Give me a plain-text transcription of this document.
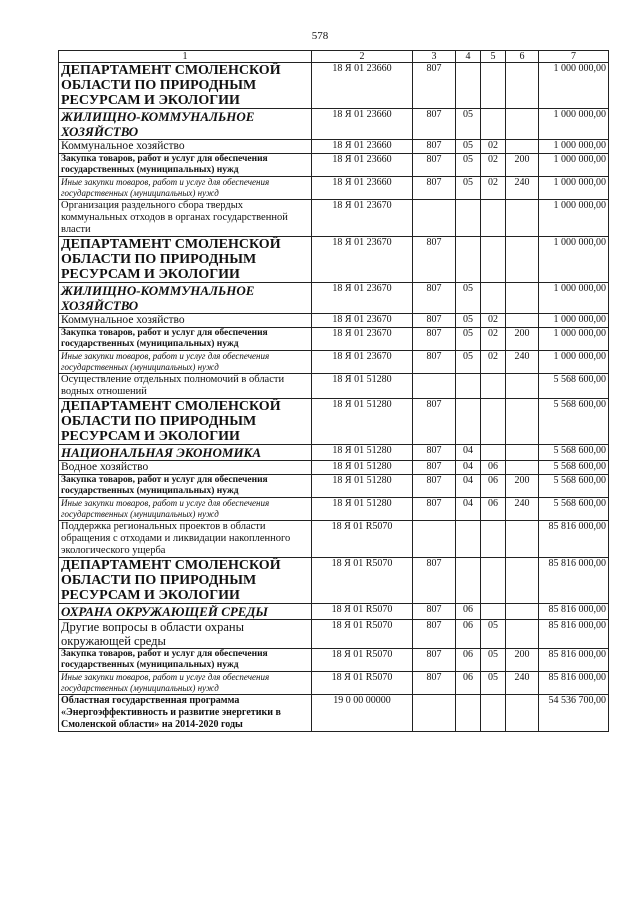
578
1	2	3	4	5	6	7
ДЕПАРТАМЕНТ СМОЛЕНСКОЙ ОБЛАСТИ ПО ПРИРОДНЫМ РЕСУРСАМ И ЭКОЛОГИИ	18 Я 01 23660	807				1 000 000,00
ЖИЛИЩНО-КОММУНАЛЬНОЕ ХОЗЯЙСТВО	18 Я 01 23660	807	05			1 000 000,00
Коммунальное хозяйство	18 Я 01 23660	807	05	02		1 000 000,00
Закупка товаров, работ и услуг для обеспечения государственных (муниципальных) нужд	18 Я 01 23660	807	05	02	200	1 000 000,00
Иные закупки товаров, работ и услуг для обеспечения государственных (муниципальных) нужд	18 Я 01 23660	807	05	02	240	1 000 000,00
Организация раздельного сбора твердых коммунальных отходов в органах государственной власти	18 Я 01 23670					1 000 000,00
ДЕПАРТАМЕНТ СМОЛЕНСКОЙ ОБЛАСТИ ПО ПРИРОДНЫМ РЕСУРСАМ И ЭКОЛОГИИ	18 Я 01 23670	807				1 000 000,00
ЖИЛИЩНО-КОММУНАЛЬНОЕ ХОЗЯЙСТВО	18 Я 01 23670	807	05			1 000 000,00
Коммунальное хозяйство	18 Я 01 23670	807	05	02		1 000 000,00
Закупка товаров, работ и услуг для обеспечения государственных (муниципальных) нужд	18 Я 01 23670	807	05	02	200	1 000 000,00
Иные закупки товаров, работ и услуг для обеспечения государственных (муниципальных) нужд	18 Я 01 23670	807	05	02	240	1 000 000,00
Осуществление отдельных полномочий в области водных отношений	18 Я 01 51280					5 568 600,00
ДЕПАРТАМЕНТ СМОЛЕНСКОЙ ОБЛАСТИ ПО ПРИРОДНЫМ РЕСУРСАМ И ЭКОЛОГИИ	18 Я 01 51280	807				5 568 600,00
НАЦИОНАЛЬНАЯ ЭКОНОМИКА	18 Я 01 51280	807	04			5 568 600,00
Водное хозяйство	18 Я 01 51280	807	04	06		5 568 600,00
Закупка товаров, работ и услуг для обеспечения государственных (муниципальных) нужд	18 Я 01 51280	807	04	06	200	5 568 600,00
Иные закупки товаров, работ и услуг для обеспечения государственных (муниципальных) нужд	18 Я 01 51280	807	04	06	240	5 568 600,00
Поддержка региональных проектов в области обращения с отходами и ликвидации накопленного экологического ущерба	18 Я 01 R5070					85 816 000,00
ДЕПАРТАМЕНТ СМОЛЕНСКОЙ ОБЛАСТИ ПО ПРИРОДНЫМ РЕСУРСАМ И ЭКОЛОГИИ	18 Я 01 R5070	807				85 816 000,00
ОХРАНА ОКРУЖАЮЩЕЙ СРЕДЫ	18 Я 01 R5070	807	06			85 816 000,00
Другие вопросы в области охраны окружающей среды	18 Я 01 R5070	807	06	05		85 816 000,00
Закупка товаров, работ и услуг для обеспечения государственных (муниципальных) нужд	18 Я 01 R5070	807	06	05	200	85 816 000,00
Иные закупки товаров, работ и услуг для обеспечения государственных (муниципальных) нужд	18 Я 01 R5070	807	06	05	240	85 816 000,00
Областная государственная программа «Энергоэффективность и развитие энергетики в Смоленской области» на 2014-2020 годы	19 0 00 00000					54 536 700,00
